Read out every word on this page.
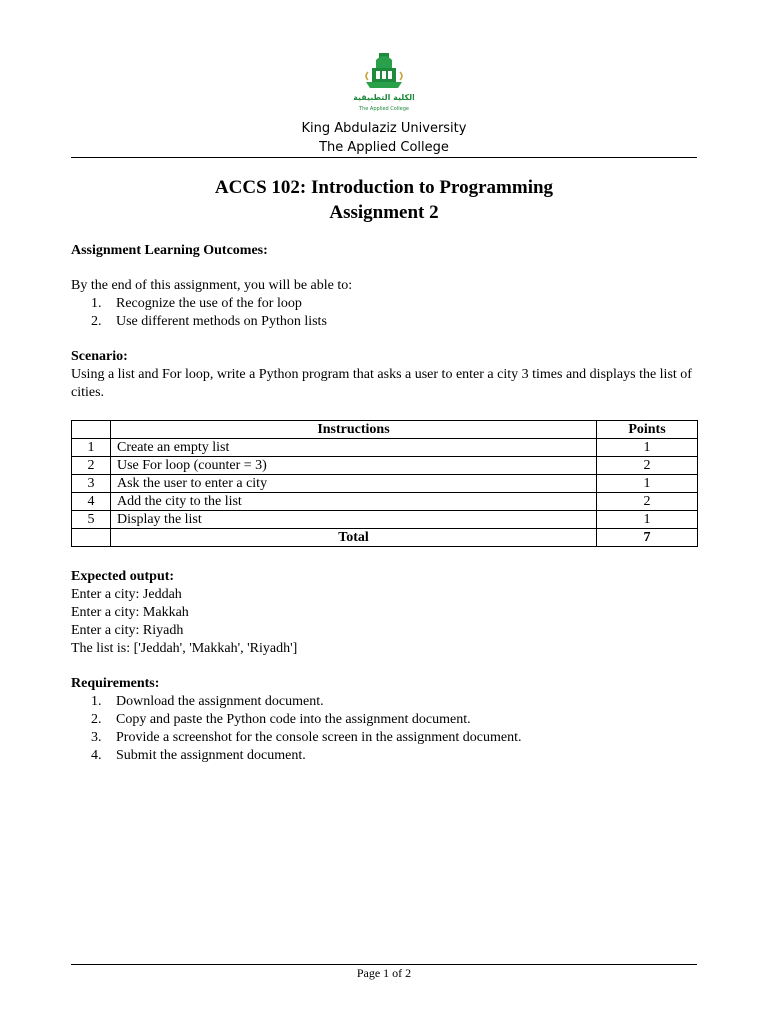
الكلية التطبيقية
The Applied College
King Abdulaziz University
The Applied College
ACCS 102: Introduction to Programming
Assignment 2
Assignment Learning Outcomes:
By the end of this assignment, you will be able to:
1. Recognize the use of the for loop
2. Use different methods on Python lists
Scenario:
Using a list and For loop, write a Python program that asks a user to enter a city 3 times and displays the list of cities.
	Instructions	Points
1	Create an empty list	1
2	Use For loop (counter = 3)	2
3	Ask the user to enter a city	1
4	Add the city to the list	2
5	Display the list	1
	Total	7
Expected output:
Enter a city: Jeddah
Enter a city: Makkah
Enter a city: Riyadh
The list is: ['Jeddah', 'Makkah', 'Riyadh']
Requirements:
1. Download the assignment document.
2. Copy and paste the Python code into the assignment document.
3. Provide a screenshot for the console screen in the assignment document.
4. Submit the assignment document.
Page 1 of 2
